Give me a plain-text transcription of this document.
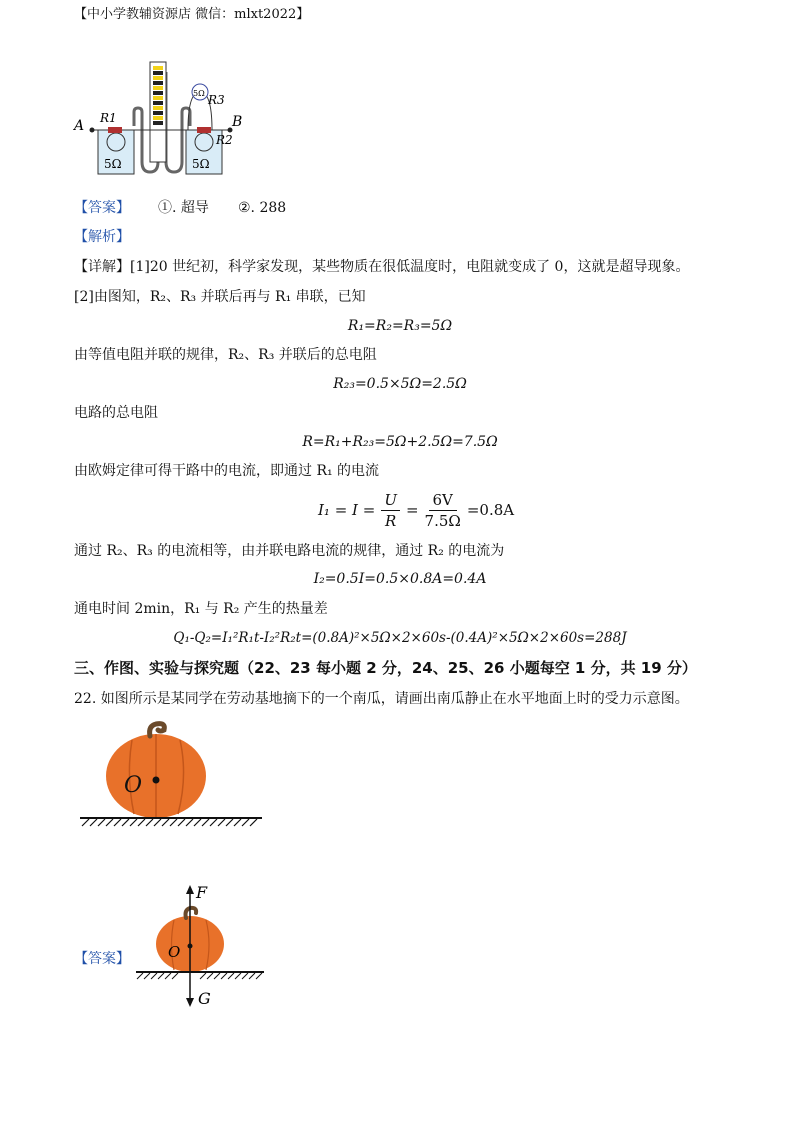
【中小学教辅资源店 微信：mlxt2022】
A	B
R1
R2
R3
5Ω
5Ω	5Ω
【答案】 ①. 超导 ②. 288
【解析】
【详解】[1]20 世纪初，科学家发现，某些物质在很低温度时，电阻就变成了 0，这就是超导现象。
[2]由图知，R₂、R₃ 并联后再与 R₁ 串联，已知
R₁=R₂=R₃=5Ω
由等值电阻并联的规律，R₂、R₃ 并联后的总电阻
R₂₃=0.5×5Ω=2.5Ω
电路的总电阻
R=R₁+R₂₃=5Ω+2.5Ω=7.5Ω
由欧姆定律可得干路中的电流，即通过 R₁ 的电流
$I_1 = I = \frac{U}{R} = \frac{6V}{7.5\Omega} =0.8A$
通过 R₂、R₃ 的电流相等，由并联电路电流的规律，通过 R₂ 的电流为
I₂=0.5I=0.5×0.8A=0.4A
通电时间 2min，R₁ 与 R₂ 产生的热量差
Q₁-Q₂=I₁²R₁t-I₂²R₂t=(0.8A)²×5Ω×2×60s-(0.4A)²×5Ω×2×60s=288J
三、作图、实验与探究题（22、23 每小题 2 分，24、25、26 小题每空 1 分，共 19 分）
22. 如图所示是某同学在劳动基地摘下的一个南瓜，请画出南瓜静止在水平地面上时的受力示意图。
O
【答案】
F
O
G
